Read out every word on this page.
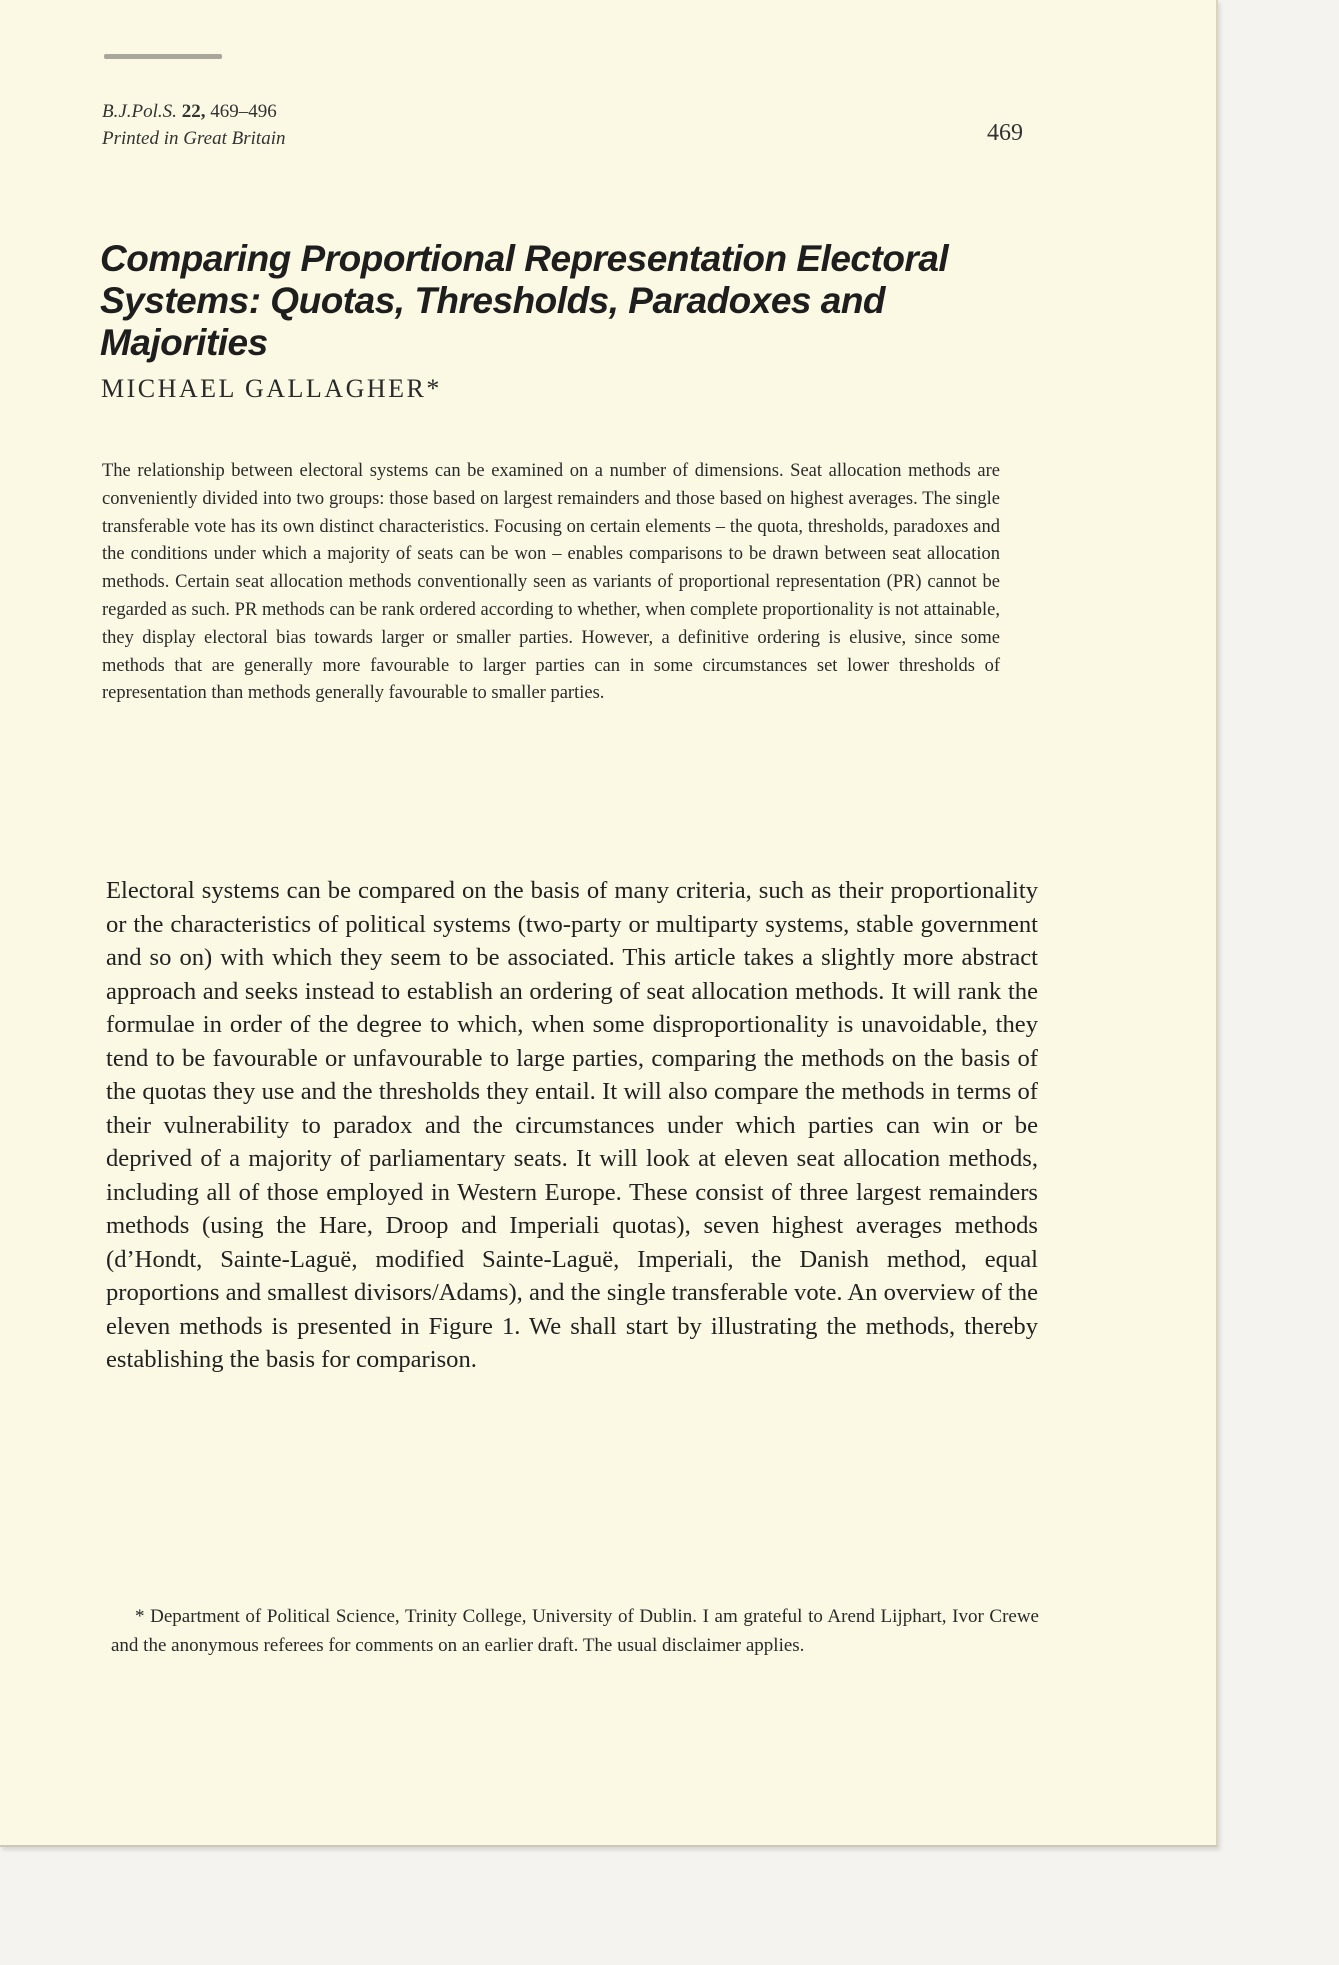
B.J.Pol.S. 22, 469–496
Printed in Great Britain	469
Comparing Proportional Representation Electoral Systems: Quotas, Thresholds, Paradoxes and Majorities
MICHAEL GALLAGHER*

The relationship between electoral systems can be examined on a number of dimensions. Seat allocation methods are conveniently divided into two groups: those based on largest remainders and those based on highest averages. The single transferable vote has its own distinct characteristics. Focusing on certain elements – the quota, thresholds, paradoxes and the conditions under which a majority of seats can be won – enables comparisons to be drawn between seat allocation methods. Certain seat allocation methods conventionally seen as variants of proportional representation (PR) cannot be regarded as such. PR methods can be rank ordered according to whether, when complete proportionality is not attainable, they display electoral bias towards larger or smaller parties. However, a definitive ordering is elusive, since some methods that are generally more favourable to larger parties can in some circumstances set lower thresholds of representation than methods generally favourable to smaller parties.

Electoral systems can be compared on the basis of many criteria, such as their proportionality or the characteristics of political systems (two-party or multiparty systems, stable government and so on) with which they seem to be associated. This article takes a slightly more abstract approach and seeks instead to establish an ordering of seat allocation methods. It will rank the formulae in order of the degree to which, when some disproportionality is unavoidable, they tend to be favourable or unfavourable to large parties, comparing the methods on the basis of the quotas they use and the thresholds they entail. It will also compare the methods in terms of their vulnerability to paradox and the circumstances under which parties can win or be deprived of a majority of parliamentary seats. It will look at eleven seat allocation methods, including all of those employed in Western Europe. These consist of three largest remainders methods (using the Hare, Droop and Imperiali quotas), seven highest averages methods (d’Hondt, Sainte-Laguë, modified Sainte-Laguë, Imperiali, the Danish method, equal proportions and smallest divisors/Adams), and the single transferable vote. An overview of the eleven methods is presented in Figure 1. We shall start by illustrating the methods, thereby establishing the basis for comparison.

* Department of Political Science, Trinity College, University of Dublin. I am grateful to Arend Lijphart, Ivor Crewe and the anonymous referees for comments on an earlier draft. The usual disclaimer applies.
